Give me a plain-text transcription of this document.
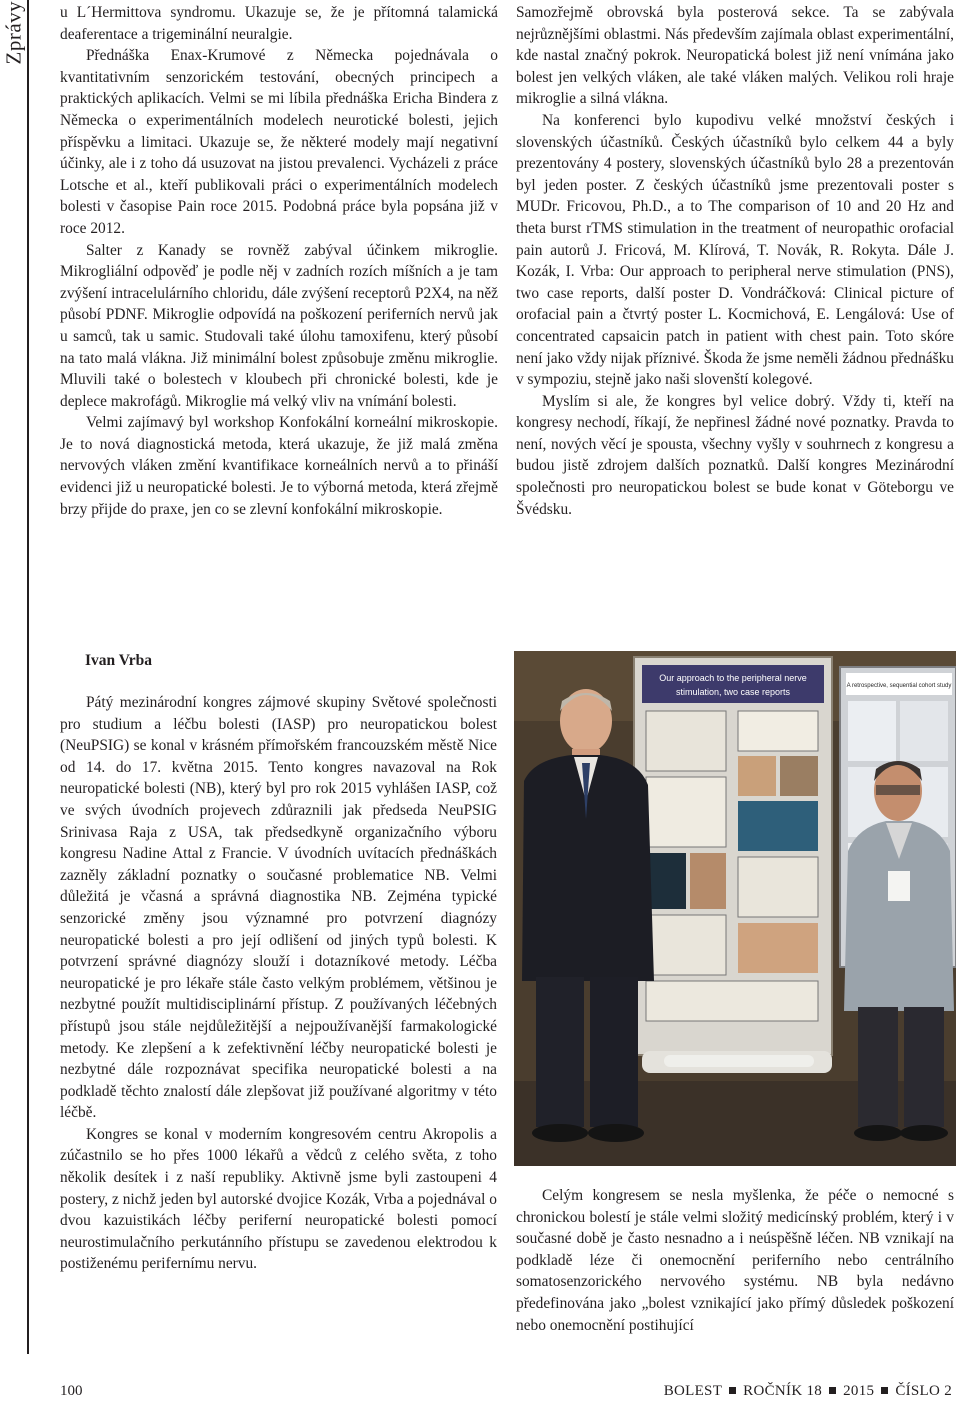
Zprávy u L´Hermittova syndromu. Ukazuje se, že je přítomná talamická deaferentace a trigeminální neuralgie.

Přednáška Enax-Krumové z Německa pojednávala o kvantitativním senzorickém testování, obecných principech a praktických aplikacích. Velmi se mi líbila přednáška Ericha Bindera z Německa o experimentálních modelech neurotické bolesti, jejich příspěvku a limitaci. Ukazuje se, že některé modely mají negativní účinky, ale i z toho dá usuzovat na jistou prevalenci. Vycházeli z práce Lotsche et al., kteří publikovali práci o experimentálních modelech bolesti v časopise Pain roce 2015. Podobná práce byla popsána již v roce 2012.

Salter z Kanady se rovněž zabýval účinkem mikroglie. Mikrogliální odpověď je podle něj v zadních rozích míšních a je tam zvýšení intracelulárního chloridu, dále zvýšení receptorů P2X4, na něž působí PDNF. Mikroglie odpovídá na poškození periferních nervů jak u samců, tak u samic. Studovali také úlohu tamoxifenu, který působí na tato malá vlákna. Již minimální bolest způsobuje změnu mikroglie. Mluvili také o bolestech v kloubech při chronické bolesti, kde je deplece makrofágů. Mikroglie má velký vliv na vnímání bolesti.

Velmi zajímavý byl workshop Konfokální korneální mikroskopie. Je to nová diagnostická metoda, která ukazuje, že již malá změna nervových vláken změní kvantifikace korneálních nervů a to přináší evidenci již u neuropatické bolesti. Je to výborná metoda, která zřejmě brzy přijde do praxe, jen co se zlevní konfokální mikroskopie.

Samozřejmě obrovská byla posterová sekce. Ta se zabývala nejrůznějšími oblastmi. Nás především zajímala oblast experimentální, kde nastal značný pokrok. Neuropatická bolest již není vnímána jako bolest jen velkých vláken, ale také vláken malých. Velikou roli hraje mikroglie a silná vlákna.

Na konferenci bylo kupodivu velké množství českých i slovenských účastníků. Českých účastníků bylo celkem 44 a byly prezentovány 4 postery, slovenských účastníků bylo 28 a prezentován byl jeden poster. Z českých účastníků jsme prezentovali poster s MUDr. Fricovou, Ph.D., a to The comparison of 10 and 20 Hz and theta burst rTMS stimulation in the treatment of neuropathic orofacial pain autorů J. Fricová, M. Klírová, T. Novák, R. Rokyta. Dále J. Kozák, I. Vrba: Our approach to peripheral nerve stimulation (PNS), two case reports, další poster D. Vondráčková: Clinical picture of orofacial pain a čtvrtý poster L. Kocmichová, E. Lengálová: Use of concentrated capsaicin patch in patient with chest pain. Toto skóre není jako vždy nijak příznivé. Škoda že jsme neměli žádnou přednášku v sympoziu, stejně jako naši slovenští kolegové.

Myslím si ale, že kongres byl velice dobrý. Vždy ti, kteří na kongresy nechodí, říkají, že nepřinesl žádné nové poznatky. Pravda to není, nových věcí je spousta, všechny vyšly v souhrnech z kongresu a budou jistě zdrojem dalších poznatků. Další kongres Mezinárodní společnosti pro neuropatickou bolest se bude konat v Göteborgu ve Švédsku.

Ivan Vrba

Pátý mezinárodní kongres zájmové skupiny Světové společnosti pro studium a léčbu bolesti (IASP) pro neuropatickou bolest (NeuPSIG) se konal v krásném přímořském francouzském městě Nice od 14. do 17. května 2015. Tento kongres navazoval na Rok neuropatické bolesti (NB), který byl pro rok 2015 vyhlášen IASP, což ve svých úvodních projevech zdůraznili jak předseda NeuPSIG Srinivasa Raja z USA, tak předsedkyně organizačního výboru kongresu Nadine Attal z Francie. V úvodních uvítacích přednáškách zazněly základní poznatky o současné problematice NB. Velmi důležitá je včasná a správná diagnostika NB. Zejména typické senzorické změny jsou významné pro potvrzení diagnózy neuropatické bolesti a pro její odlišení od jiných typů bolesti. K potvrzení správné diagnózy slouží i dotazníkové metody. Léčba neuropatické je pro lékaře stále často velkým problémem, většinou je nezbytné použít multidisciplinární přístup. Z používaných léčebných přístupů jsou stále nejdůležitější a nejpoužívanější farmakologické metody. Ke zlepšení a k zefektivnění léčby neuropatické bolesti je nezbytné dále rozpoznávat specifika neuropatické bolesti a na podkladě těchto znalostí dále zlepšovat již používané algoritmy v této léčbě.

Kongres se konal v moderním kongresovém centru Akropolis a zúčastnilo se ho přes 1000 lékařů a vědců z celého světa, z toho několik desítek i z naší republiky. Aktivně jsme byli zastoupeni 4 postery, z nichž jeden byl autorské dvojice Kozák, Vrba a pojednával o dvou kazuistikách léčby periferní neuropatické bolesti pomocí neurostimulačního perkutánního přístupu se zavedenou elektrodou k postiženému perifernímu nervu.

Our approach to the peripheral nerve
stimulation, two case reports
A retrospective, sequential cohort study

Celým kongresem se nesla myšlenka, že péče o nemocné s chronickou bolestí je stále velmi složitý medicínský problém, který i v současné době je často nesnadno a i neúspěšně léčen. NB vznikají na podkladě léze či onemocnění periferního nebo centrálního somatosenzorického nervového systému. NB byla nedávno předefinována jako „bolest vznikající jako přímý důsledek poškození nebo onemocnění postihující

100	BOLEST ROČNÍK 18 2015 ČÍSLO 2
